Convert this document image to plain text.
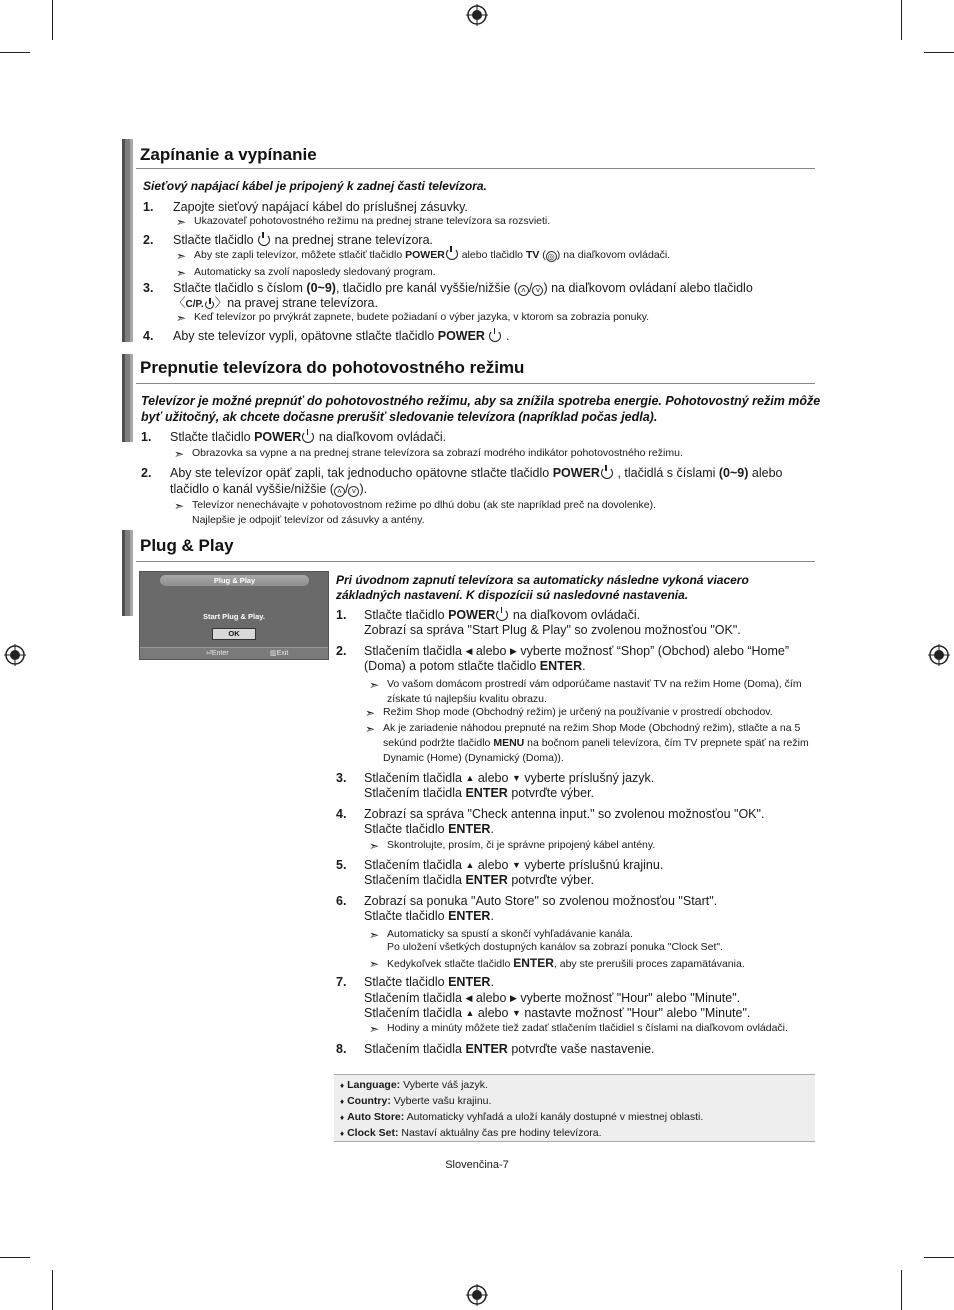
Zapínanie a vypínanie
Sieťový napájací kábel je pripojený k zadnej časti televízora.
1. Zapojte sieťový napájací kábel do príslušnej zásuvky.
➣ Ukazovateľ pohotovostného režimu na prednej strane televízora sa rozsvieti.
2. Stlačte tlačidlo na prednej strane televízora.
➣ Aby ste zapli televízor, môžete stlačiť tlačidlo POWER alebo tlačidlo TV ( ◎ ) na diaľkovom ovládači.
➣ Automaticky sa zvolí naposledy sledovaný program.
3. Stlačte tlačidlo s číslom (0~9), tlačidlo pre kanál vyššie/nižšie ( ˄ / ˅ ) na diaľkovom ovládaní alebo tlačidlo
〈C/P. 〉na pravej strane televízora.
➣ Keď televízor po prvýkrát zapnete, budete požiadaní o výber jazyka, v ktorom sa zobrazia ponuky.
4. Aby ste televízor vypli, opätovne stlačte tlačidlo POWER .
Prepnutie televízora do pohotovostného režimu
Televízor je možné prepnúť do pohotovostného režimu, aby sa znížila spotreba energie. Pohotovostný režim môže
byť užitočný, ak chcete dočasne prerušiť sledovanie televízora (napríklad počas jedla).
1. Stlačte tlačidlo POWER na diaľkovom ovládači.
➣ Obrazovka sa vypne a na prednej strane televízora sa zobrazí modrého indikátor pohotovostného režimu.
2. Aby ste televízor opäť zapli, tak jednoducho opätovne stlačte tlačidlo POWER , tlačidlá s číslami (0~9) alebo
tlačidlo o kanál vyššie/nižšie ( ˄ / ˅ ).
➣ Televízor nenechávajte v pohotovostnom režime po dlhú dobu (ak ste napríklad preč na dovolenke).
Najlepšie je odpojiť televízor od zásuvky a antény.
Plug & Play
Plug & Play
Start Plug & Play.
OK
⏎Enter	▥Exit
Pri úvodnom zapnutí televízora sa automaticky následne vykoná viacero
základných nastavení. K dispozícii sú nasledovné nastavenia.
1. Stlačte tlačidlo POWER na diaľkovom ovládači.
Zobrazí sa správa "Start Plug & Play" so zvolenou možnosťou "OK".
2. Stlačením tlačidla ◀ alebo ▶ vyberte možnosť “Shop” (Obchod) alebo “Home”
(Doma) a potom stlačte tlačidlo ENTER.
➣ Vo vašom domácom prostredí vám odporúčame nastaviť TV na režim Home (Doma), čím
získate tú najlepšiu kvalitu obrazu.
➣ Režim Shop mode (Obchodný režim) je určený na používanie v prostredí obchodov.
➣ Ak je zariadenie náhodou prepnuté na režim Shop Mode (Obchodný režim), stlačte a na 5
sekúnd podržte tlačidlo MENU na bočnom paneli televízora, čím TV prepnete späť na režim
Dynamic (Home) (Dynamický (Doma)).
3. Stlačením tlačidla ▲ alebo ▼ vyberte príslušný jazyk.
Stlačením tlačidla ENTER potvrďte výber.
4. Zobrazí sa správa "Check antenna input." so zvolenou možnosťou "OK".
Stlačte tlačidlo ENTER.
➣ Skontrolujte, prosím, či je správne pripojený kábel antény.
5. Stlačením tlačidla ▲ alebo ▼ vyberte príslušnú krajinu.
Stlačením tlačidla ENTER potvrďte výber.
6. Zobrazí sa ponuka "Auto Store" so zvolenou možnosťou "Start".
Stlačte tlačidlo ENTER.
➣ Automaticky sa spustí a skončí vyhľadávanie kanála.
Po uložení všetkých dostupných kanálov sa zobrazí ponuka "Clock Set".
➣ Kedykoľvek stlačte tlačidlo ENTER, aby ste prerušili proces zapamätávania.
7. Stlačte tlačidlo ENTER.
Stlačením tlačidla ◀ alebo ▶ vyberte možnosť "Hour" alebo "Minute".
Stlačením tlačidla ▲ alebo ▼ nastavte možnosť "Hour" alebo "Minute".
➣ Hodiny a minúty môžete tiež zadať stlačením tlačidiel s číslami na diaľkovom ovládači.
8. Stlačením tlačidla ENTER potvrďte vaše nastavenie.
♦ Language: Vyberte váš jazyk.
♦ Country: Vyberte vašu krajinu.
♦ Auto Store: Automaticky vyhľadá a uloží kanály dostupné v miestnej oblasti.
♦ Clock Set: Nastaví aktuálny čas pre hodiny televízora.
Slovenčina-7
